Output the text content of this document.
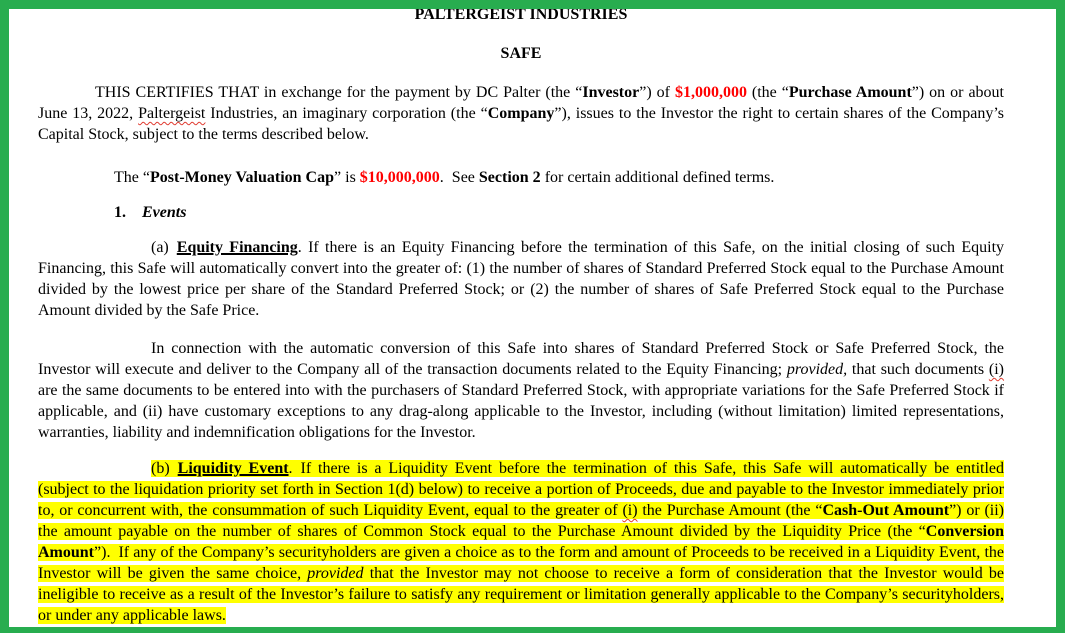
PALTERGEIST INDUSTRIES
SAFE

THIS CERTIFIES THAT in exchange for the payment by DC Palter (the “Investor”) of $1,000,000 (the “Purchase Amount”) on or about June 13, 2022, Paltergeist Industries, an imaginary corporation (the “Company”), issues to the Investor the right to certain shares of the Company’s Capital Stock, subject to the terms described below.

The “Post-Money Valuation Cap” is $10,000,000. See Section 2 for certain additional defined terms.

1.  Events

(a) Equity Financing. If there is an Equity Financing before the termination of this Safe, on the initial closing of such Equity Financing, this Safe will automatically convert into the greater of: (1) the number of shares of Standard Preferred Stock equal to the Purchase Amount divided by the lowest price per share of the Standard Preferred Stock; or (2) the number of shares of Safe Preferred Stock equal to the Purchase Amount divided by the Safe Price.

In connection with the automatic conversion of this Safe into shares of Standard Preferred Stock or Safe Preferred Stock, the Investor will execute and deliver to the Company all of the transaction documents related to the Equity Financing; provided, that such documents (i) are the same documents to be entered into with the purchasers of Standard Preferred Stock, with appropriate variations for the Safe Preferred Stock if applicable, and (ii) have customary exceptions to any drag-along applicable to the Investor, including (without limitation) limited representations, warranties, liability and indemnification obligations for the Investor.

(b) Liquidity Event. If there is a Liquidity Event before the termination of this Safe, this Safe will automatically be entitled (subject to the liquidation priority set forth in Section 1(d) below) to receive a portion of Proceeds, due and payable to the Investor immediately prior to, or concurrent with, the consummation of such Liquidity Event, equal to the greater of (i) the Purchase Amount (the “Cash-Out Amount”) or (ii) the amount payable on the number of shares of Common Stock equal to the Purchase Amount divided by the Liquidity Price (the “Conversion Amount”). If any of the Company’s securityholders are given a choice as to the form and amount of Proceeds to be received in a Liquidity Event, the Investor will be given the same choice, provided that the Investor may not choose to receive a form of consideration that the Investor would be ineligible to receive as a result of the Investor’s failure to satisfy any requirement or limitation generally applicable to the Company’s securityholders, or under any applicable laws.
